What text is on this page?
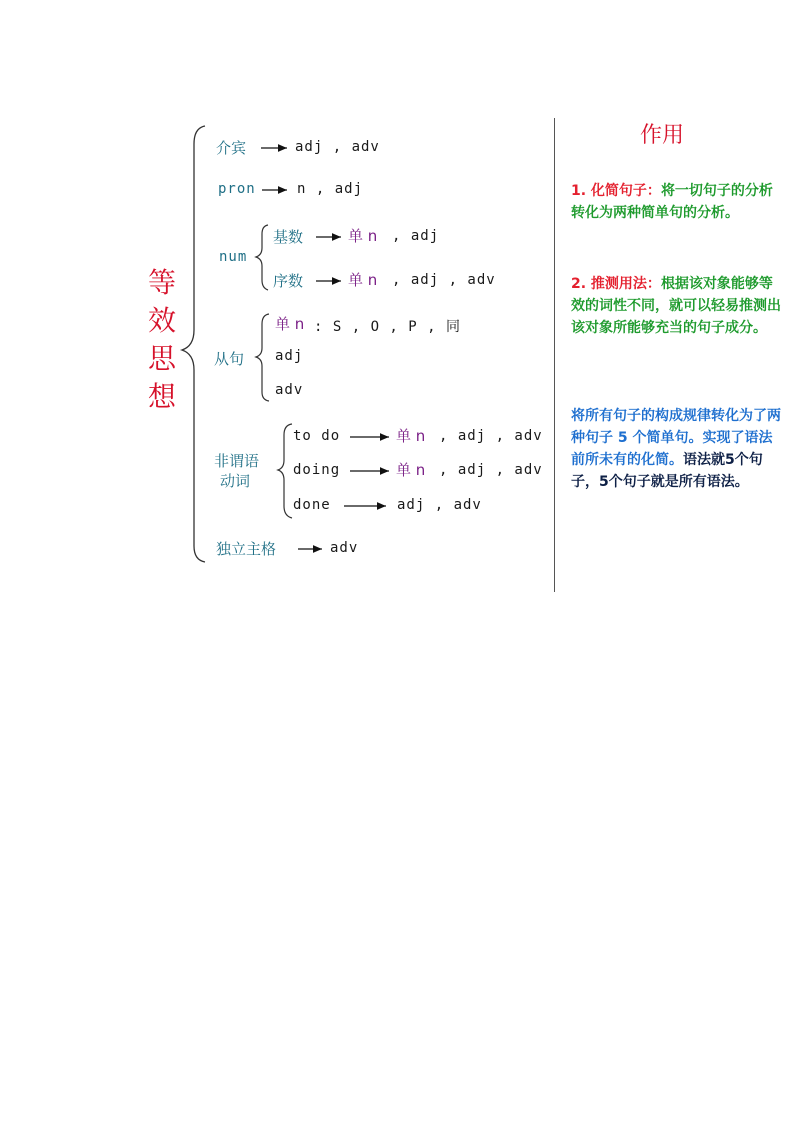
等
效
思
想
介宾	adj , adv
pron	n , adj
num
基数	单 n , adj
序数	单 n , adj , adv
从句
单 n : S , O , P , 同
adj
adv
非谓语
动词
to do	单 n , adj , adv
doing	单 n , adj , adv
done	adj , adv
独立主格	adv
作用
1. 化简句子：将一切句子的分析转化为两种简单句的分析。
2. 推测用法：根据该对象能够等效的词性不同，就可以轻易推测出该对象所能够充当的句子成分。
将所有句子的构成规律转化为了两种句子 5 个简单句。实现了语法前所未有的化简。语法就5个句子，5个句子就是所有语法。
